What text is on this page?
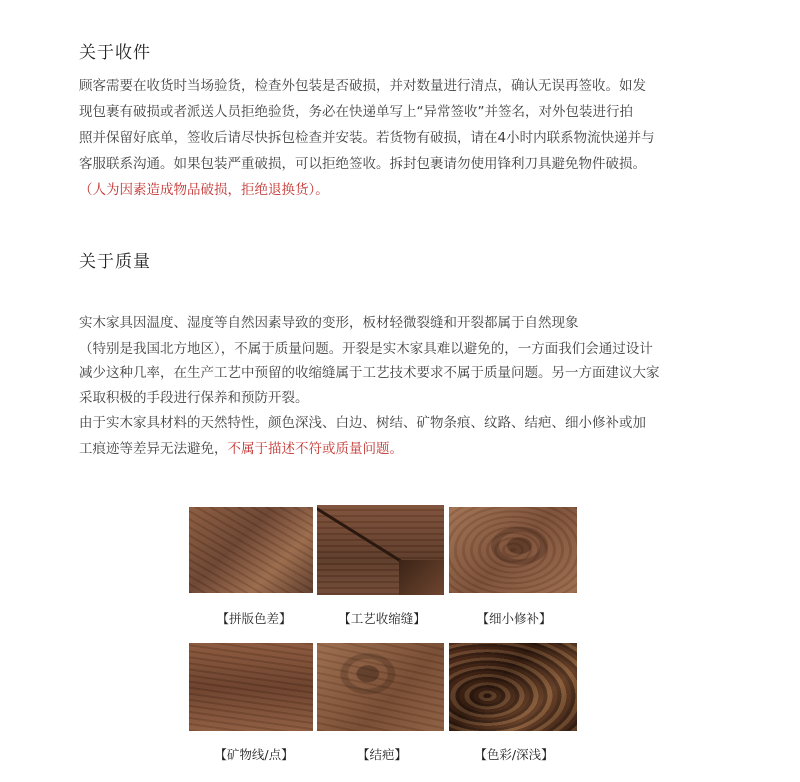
关于收件
顾客需要在收货时当场验货，检查外包装是否破损，并对数量进行清点，确认无误再签收。如发
现包裹有破损或者派送人员拒绝验货，务必在快递单写上“异常签收”并签名，对外包装进行拍
照并保留好底单，签收后请尽快拆包检查并安装。若货物有破损，请在4小时内联系物流快递并与
客服联系沟通。如果包装严重破损，可以拒绝签收。拆封包裹请勿使用锋利刀具避免物件破损。
（人为因素造成物品破损，拒绝退换货）。
关于质量
实木家具因温度、湿度等自然因素导致的变形，板材轻微裂缝和开裂都属于自然现象
（特别是我国北方地区），不属于质量问题。开裂是实木家具难以避免的，一方面我们会通过设计
减少这种几率，在生产工艺中预留的收缩缝属于工艺技术要求不属于质量问题。另一方面建议大家
采取积极的手段进行保养和预防开裂。
由于实木家具材料的天然特性，颜色深浅、白边、树结、矿物条痕、纹路、结疤、细小修补或加
工痕迹等差异无法避免，不属于描述不符或质量问题。
【拼版色差】	【工艺收缩缝】	【细小修补】
【矿物线/点】	【结疤】	【色彩/深浅】
